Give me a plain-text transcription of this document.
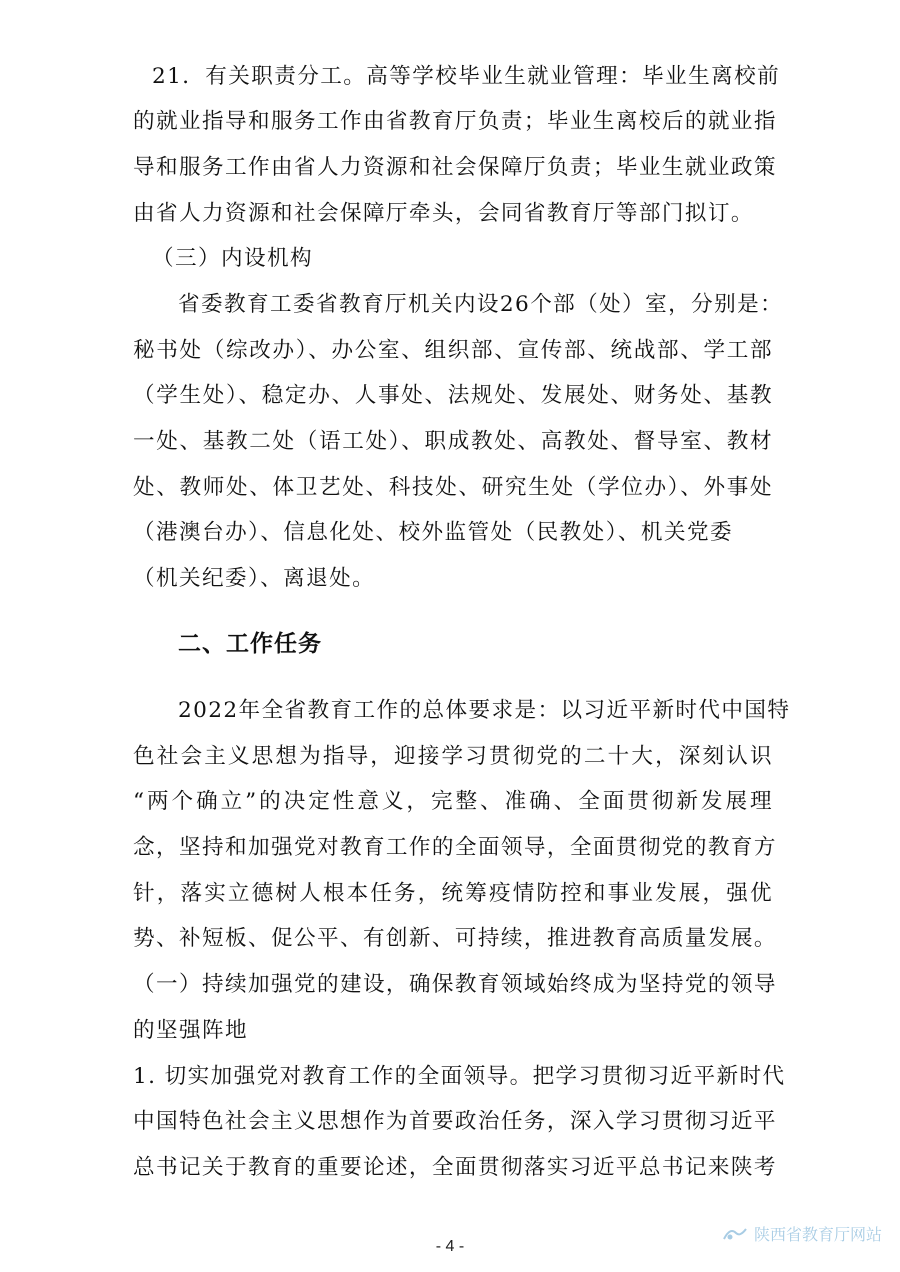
21．有关职责分工。高等学校毕业生就业管理：毕业生离校前
的就业指导和服务工作由省教育厅负责；毕业生离校后的就业指
导和服务工作由省人力资源和社会保障厅负责；毕业生就业政策
由省人力资源和社会保障厅牵头，会同省教育厅等部门拟订。
（三）内设机构
省委教育工委省教育厅机关内设26个部（处）室，分别是：
秘书处（综改办）、办公室、组织部、宣传部、统战部、学工部
（学生处）、稳定办、人事处、法规处、发展处、财务处、基教
一处、基教二处（语工处）、职成教处、高教处、督导室、教材
处、教师处、体卫艺处、科技处、研究生处（学位办）、外事处
（港澳台办）、信息化处、校外监管处（民教处）、机关党委
（机关纪委）、离退处。
二、工作任务
2022年全省教育工作的总体要求是：以习近平新时代中国特
色社会主义思想为指导，迎接学习贯彻党的二十大，深刻认识
“两个确立”的决定性意义，完整、准确、全面贯彻新发展理
念，坚持和加强党对教育工作的全面领导，全面贯彻党的教育方
针，落实立德树人根本任务，统筹疫情防控和事业发展，强优
势、补短板、促公平、有创新、可持续，推进教育高质量发展。
（一）持续加强党的建设，确保教育领域始终成为坚持党的领导
的坚强阵地
1. 切实加强党对教育工作的全面领导。把学习贯彻习近平新时代
中国特色社会主义思想作为首要政治任务，深入学习贯彻习近平
总书记关于教育的重要论述，全面贯彻落实习近平总书记来陕考
- 4 -
陕西省教育厅网站
